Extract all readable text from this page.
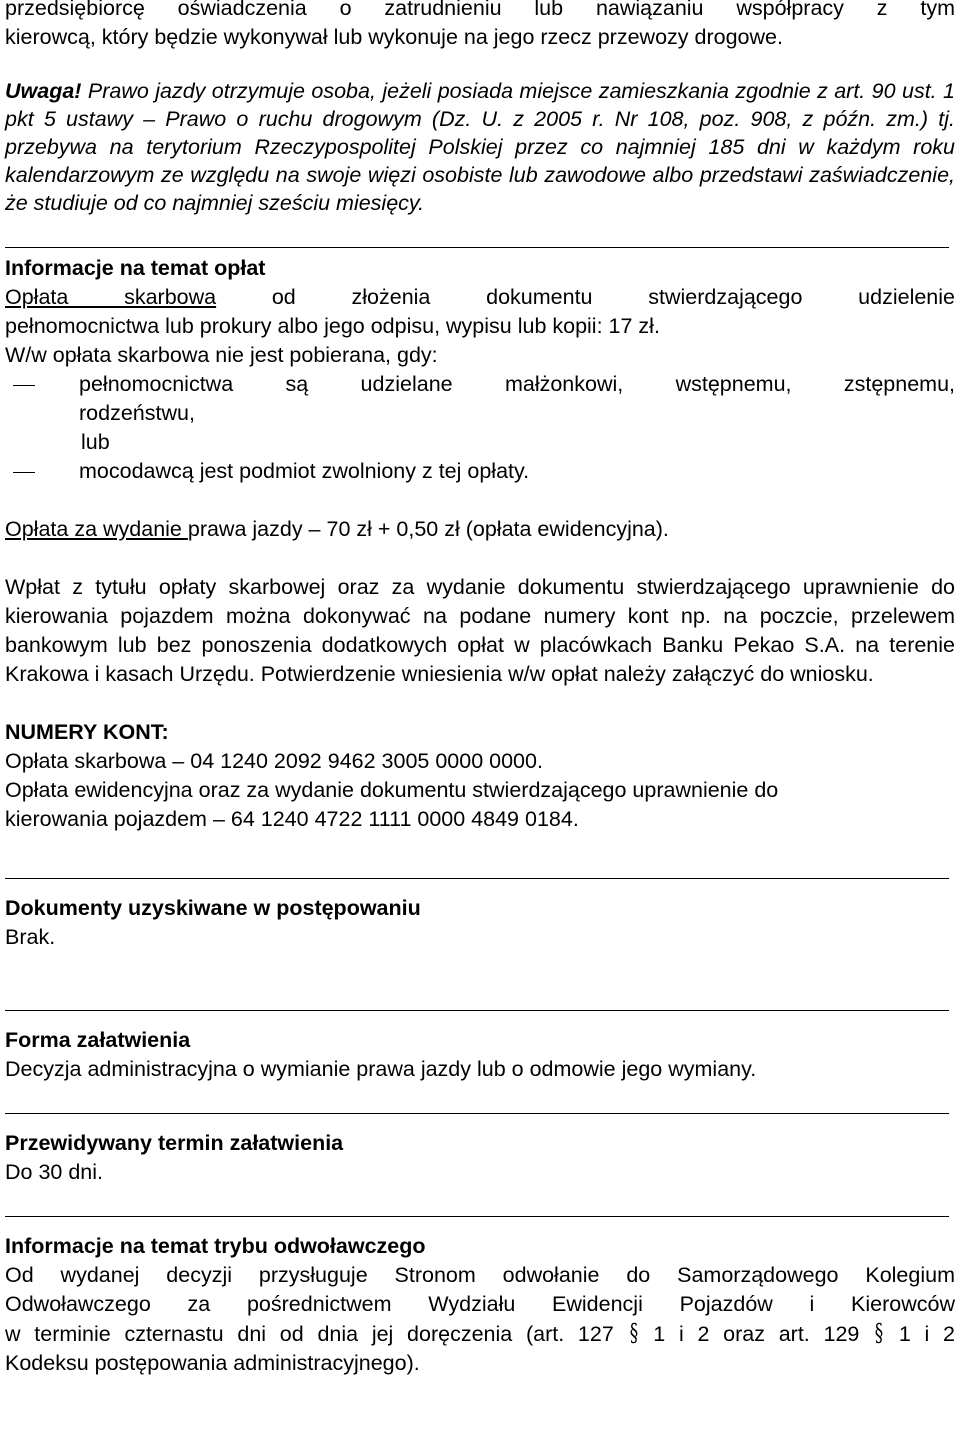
przedsiębiorcę oświadczenia o zatrudnieniu lub nawiązaniu współpracy z tym

kierowcą, który będzie wykonywał lub wykonuje na jego rzecz przewozy drogowe.

Uwaga! Prawo jazdy otrzymuje osoba, jeżeli posiada miejsce zamieszkania zgodnie z art. 90 ust. 1 pkt 5 ustawy – Prawo o ruchu drogowym (Dz. U. z 2005 r. Nr 108, poz. 908, z późn. zm.) tj. przebywa na terytorium Rzeczypospolitej Polskiej przez co najmniej 185 dni w każdym roku kalendarzowym ze względu na swoje więzi osobiste lub zawodowe albo przedstawi zaświadczenie, że studiuje od co najmniej sześciu miesięcy.

Informacje na temat opłat

Opłata skarbowa od złożenia dokumentu stwierdzającego udzielenie

pełnomocnictwa lub prokury albo jego odpisu, wypisu lub kopii: 17 zł.

W/w opłata skarbowa nie jest pobierana, gdy:

pełnomocnictwa są udzielane małżonkowi, wstępnemu, zstępnemu,

rodzeństwu,

lub

mocodawcą jest podmiot zwolniony z tej opłaty.

Opłata za wydanie prawa jazdy – 70 zł + 0,50 zł (opłata ewidencyjna).

Wpłat z tytułu opłaty skarbowej oraz za wydanie dokumentu stwierdzającego uprawnienie do kierowania pojazdem można dokonywać na podane numery kont np. na poczcie, przelewem bankowym lub bez ponoszenia dodatkowych opłat w placówkach Banku Pekao S.A. na terenie Krakowa i kasach Urzędu. Potwierdzenie wniesienia w/w opłat należy załączyć do wniosku.

NUMERY KONT:

Opłata skarbowa – 04 1240 2092 9462 3005 0000 0000.

Opłata ewidencyjna oraz za wydanie dokumentu stwierdzającego uprawnienie do

kierowania pojazdem – 64 1240 4722 1111 0000 4849 0184.

Dokumenty uzyskiwane w postępowaniu

Brak.

Forma załatwienia

Decyzja administracyjna o wymianie prawa jazdy lub o odmowie jego wymiany.

Przewidywany termin załatwienia

Do 30 dni.

Informacje na temat trybu odwoławczego

Od wydanej decyzji przysługuje Stronom odwołanie do Samorządowego Kolegium

Odwoławczego za pośrednictwem Wydziału Ewidencji Pojazdów i Kierowców

w terminie czternastu dni od dnia jej doręczenia (art. 127 § 1 i 2 oraz art. 129 § 1 i 2

Kodeksu postępowania administracyjnego).
